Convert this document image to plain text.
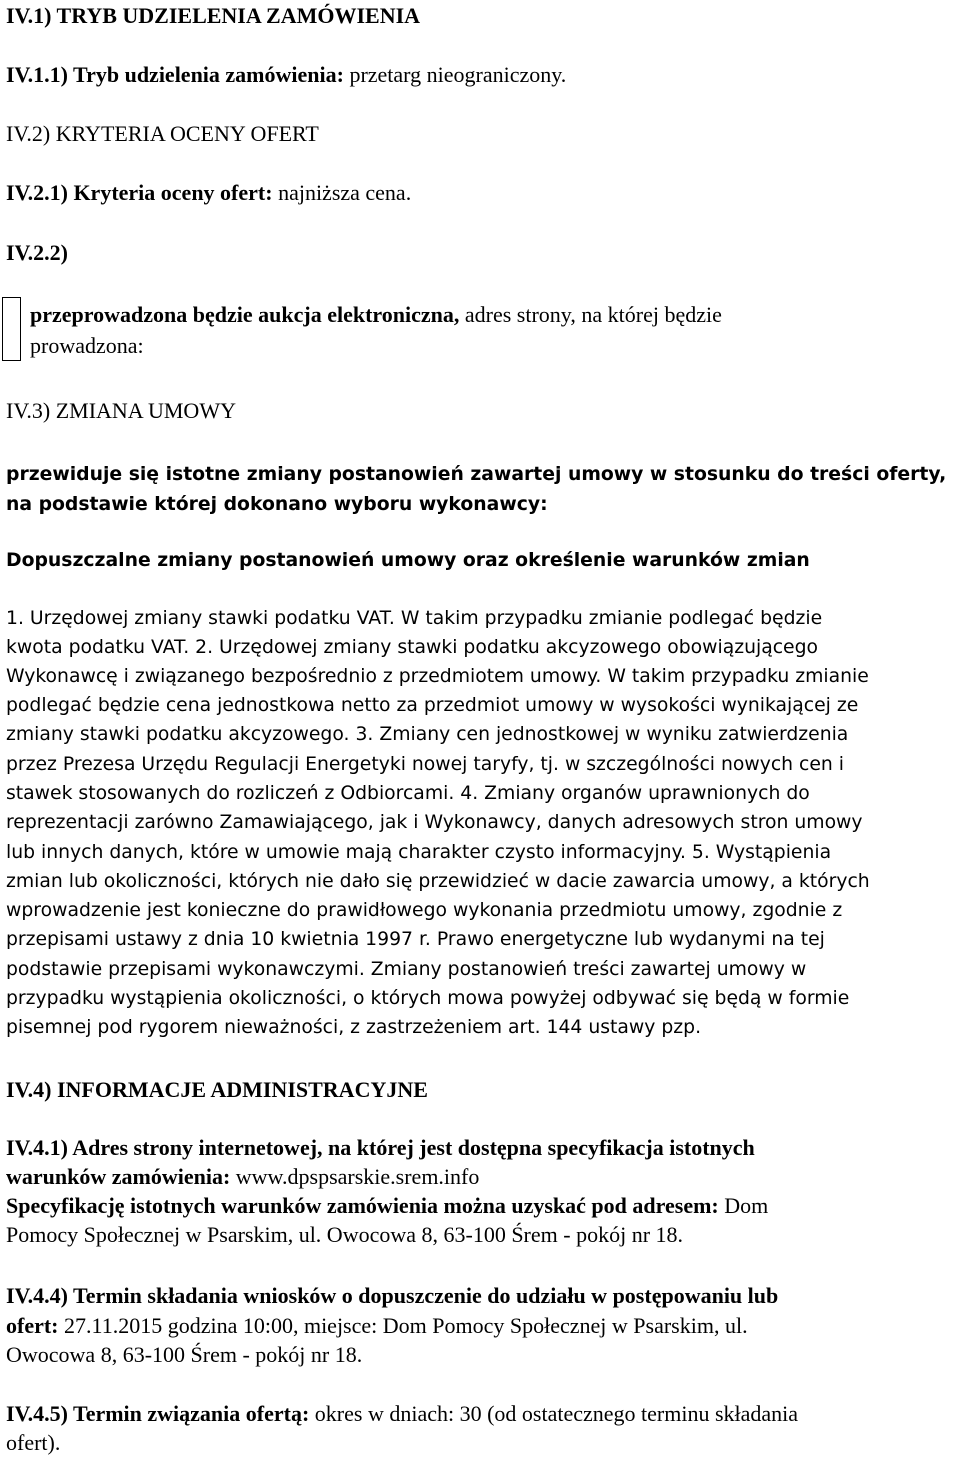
IV.1) TRYB UDZIELENIA ZAMÓWIENIA
IV.1.1) Tryb udzielenia zamówienia: przetarg nieograniczony.
IV.2) KRYTERIA OCENY OFERT
IV.2.1) Kryteria oceny ofert: najniższa cena.
IV.2.2)
przeprowadzona będzie aukcja elektroniczna, adres strony, na której będzie
prowadzona:
IV.3) ZMIANA UMOWY
przewiduje się istotne zmiany postanowień zawartej umowy w stosunku do treści oferty,
na podstawie której dokonano wyboru wykonawcy:
Dopuszczalne zmiany postanowień umowy oraz określenie warunków zmian
1. Urzędowej zmiany stawki podatku VAT. W takim przypadku zmianie podlegać będzie
kwota podatku VAT. 2. Urzędowej zmiany stawki podatku akcyzowego obowiązującego
Wykonawcę i związanego bezpośrednio z przedmiotem umowy. W takim przypadku zmianie
podlegać będzie cena jednostkowa netto za przedmiot umowy w wysokości wynikającej ze
zmiany stawki podatku akcyzowego. 3. Zmiany cen jednostkowej w wyniku zatwierdzenia
przez Prezesa Urzędu Regulacji Energetyki nowej taryfy, tj. w szczególności nowych cen i
stawek stosowanych do rozliczeń z Odbiorcami. 4. Zmiany organów uprawnionych do
reprezentacji zarówno Zamawiającego, jak i Wykonawcy, danych adresowych stron umowy
lub innych danych, które w umowie mają charakter czysto informacyjny. 5. Wystąpienia
zmian lub okoliczności, których nie dało się przewidzieć w dacie zawarcia umowy, a których
wprowadzenie jest konieczne do prawidłowego wykonania przedmiotu umowy, zgodnie z
przepisami ustawy z dnia 10 kwietnia 1997 r. Prawo energetyczne lub wydanymi na tej
podstawie przepisami wykonawczymi. Zmiany postanowień treści zawartej umowy w
przypadku wystąpienia okoliczności, o których mowa powyżej odbywać się będą w formie
pisemnej pod rygorem nieważności, z zastrzeżeniem art. 144 ustawy pzp.
IV.4) INFORMACJE ADMINISTRACYJNE
IV.4.1) Adres strony internetowej, na której jest dostępna specyfikacja istotnych
warunków zamówienia: www.dpspsarskie.srem.info
Specyfikację istotnych warunków zamówienia można uzyskać pod adresem: Dom
Pomocy Społecznej w Psarskim, ul. Owocowa 8, 63-100 Śrem - pokój nr 18.
IV.4.4) Termin składania wniosków o dopuszczenie do udziału w postępowaniu lub
ofert: 27.11.2015 godzina 10:00, miejsce: Dom Pomocy Społecznej w Psarskim, ul.
Owocowa 8, 63-100 Śrem - pokój nr 18.
IV.4.5) Termin związania ofertą: okres w dniach: 30 (od ostatecznego terminu składania
ofert).
